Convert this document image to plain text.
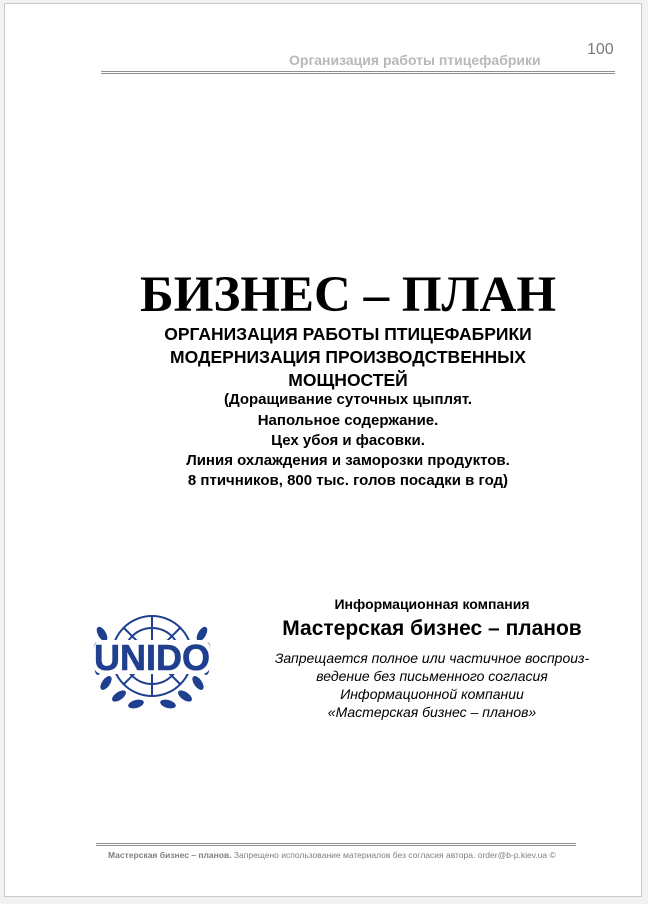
Организация работы птицефабрики
100
БИЗНЕС – ПЛАН
ОРГАНИЗАЦИЯ РАБОТЫ ПТИЦЕФАБРИКИ
МОДЕРНИЗАЦИЯ ПРОИЗВОДСТВЕННЫХ
МОЩНОСТЕЙ
(Доращивание суточных цыплят.
Напольное содержание.
Цех убоя и фасовки.
Линия охлаждения и заморозки продуктов.
8 птичников, 800 тыс. голов посадки в год)
UNIDO
Информационная компания
Мастерская бизнес – планов
Запрещается полное или частичное воспроиз-
ведение без письменного согласия
Информационной компании
«Мастерская бизнес – планов»
Мастерская бизнес – планов. Запрещено использование материалов без согласия автора. order@b-p.kiev.ua ©
